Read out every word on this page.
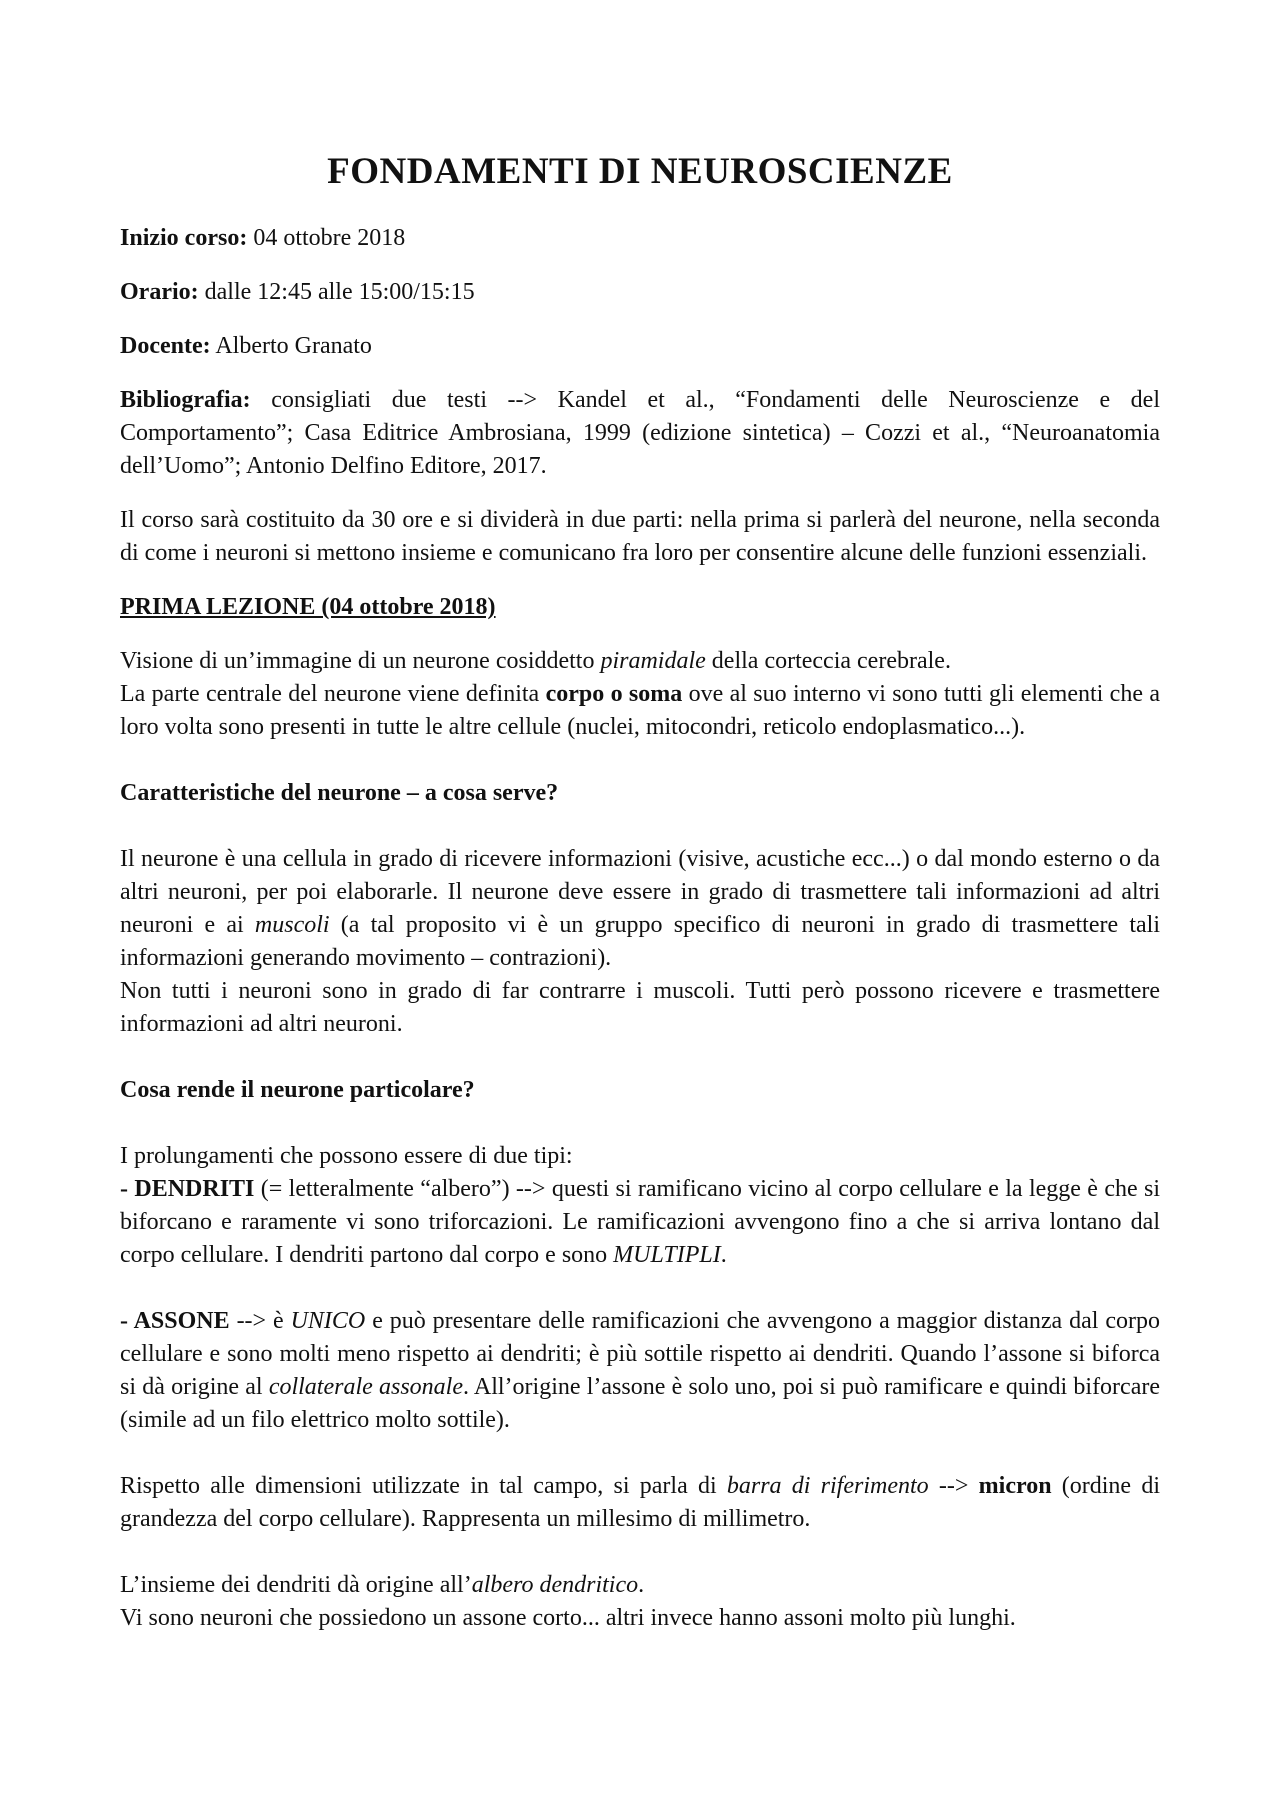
FONDAMENTI DI NEUROSCIENZE

Inizio corso: 04 ottobre 2018

Orario: dalle 12:45 alle 15:00/15:15

Docente: Alberto Granato

Bibliografia: consigliati due testi --> Kandel et al., “Fondamenti delle Neuroscienze e del Comportamento”; Casa Editrice Ambrosiana, 1999 (edizione sintetica) – Cozzi et al., “Neuroanatomia dell’Uomo”; Antonio Delfino Editore, 2017.

Il corso sarà costituito da 30 ore e si dividerà in due parti: nella prima si parlerà del neurone, nella seconda di come i neuroni si mettono insieme e comunicano fra loro per consentire alcune delle funzioni essenziali.

PRIMA LEZIONE (04 ottobre 2018)

Visione di un’immagine di un neurone cosiddetto piramidale della corteccia cerebrale.

La parte centrale del neurone viene definita corpo o soma ove al suo interno vi sono tutti gli elementi che a loro volta sono presenti in tutte le altre cellule (nuclei, mitocondri, reticolo endoplasmatico...).

Caratteristiche del neurone – a cosa serve?

Il neurone è una cellula in grado di ricevere informazioni (visive, acustiche ecc...) o dal mondo esterno o da altri neuroni, per poi elaborarle. Il neurone deve essere in grado di trasmettere tali informazioni ad altri neuroni e ai muscoli (a tal proposito vi è un gruppo specifico di neuroni in grado di trasmettere tali informazioni generando movimento – contrazioni).

Non tutti i neuroni sono in grado di far contrarre i muscoli. Tutti però possono ricevere e trasmettere informazioni ad altri neuroni.

Cosa rende il neurone particolare?

I prolungamenti che possono essere di due tipi:

- DENDRITI (= letteralmente “albero”) --> questi si ramificano vicino al corpo cellulare e la legge è che si biforcano e raramente vi sono triforcazioni. Le ramificazioni avvengono fino a che si arriva lontano dal corpo cellulare. I dendriti partono dal corpo e sono MULTIPLI.

- ASSONE --> è UNICO e può presentare delle ramificazioni che avvengono a maggior distanza dal corpo cellulare e sono molti meno rispetto ai dendriti; è più sottile rispetto ai dendriti. Quando l’assone si biforca si dà origine al collaterale assonale. All’origine l’assone è solo uno, poi si può ramificare e quindi biforcare (simile ad un filo elettrico molto sottile).

Rispetto alle dimensioni utilizzate in tal campo, si parla di barra di riferimento --> micron (ordine di grandezza del corpo cellulare). Rappresenta un millesimo di millimetro.

L’insieme dei dendriti dà origine all’albero dendritico.

Vi sono neuroni che possiedono un assone corto... altri invece hanno assoni molto più lunghi.
